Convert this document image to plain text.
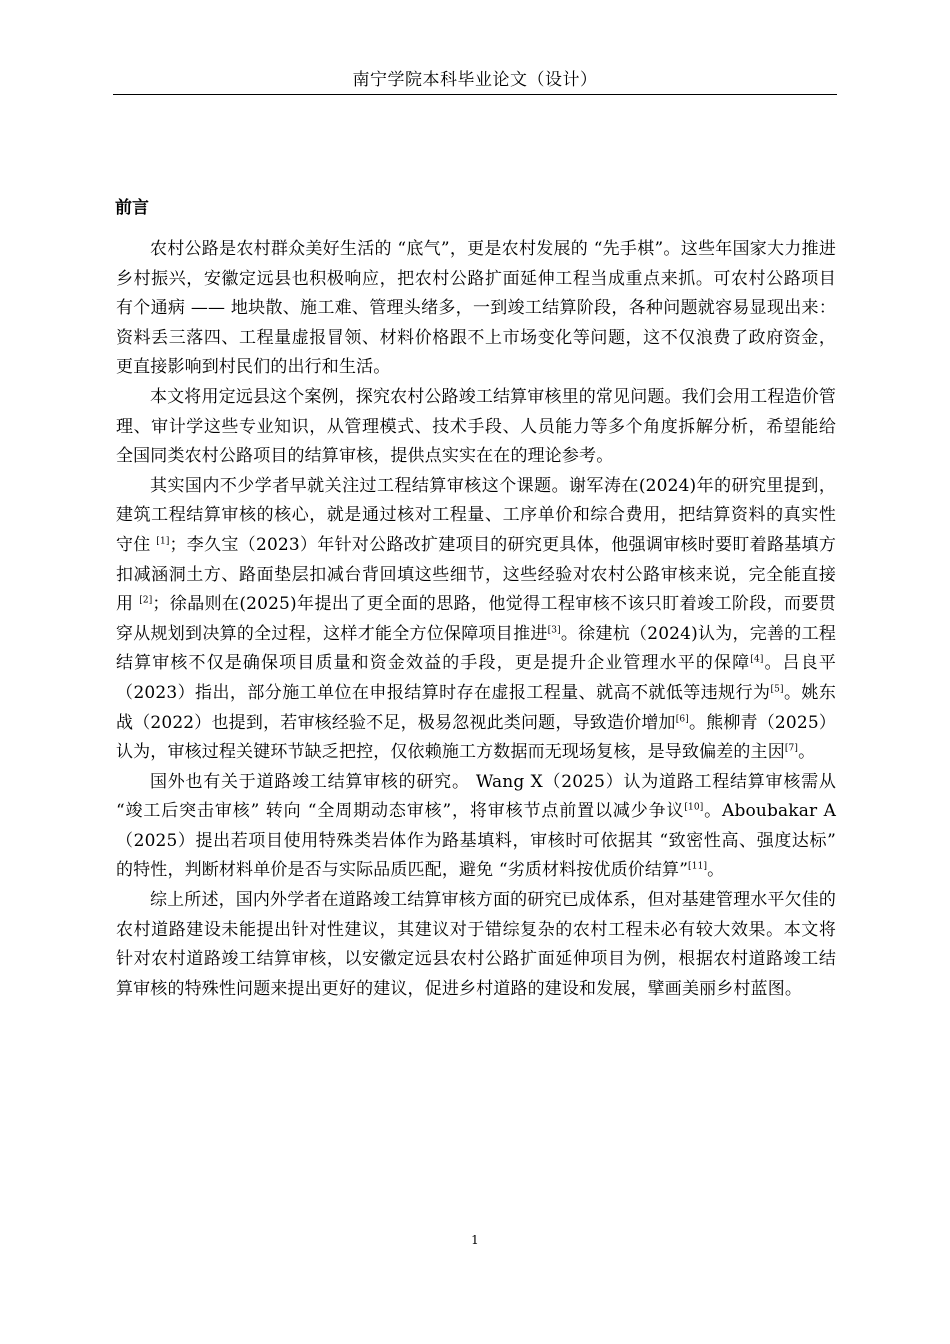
南宁学院本科毕业论文（设计）
前言

农村公路是农村群众美好生活的 “底气”，更是农村发展的 “先手棋”。这些年国家大力推进乡村振兴，安徽定远县也积极响应，把农村公路扩面延伸工程当成重点来抓。可农村公路项目有个通病 —— 地块散、施工难、管理头绪多，一到竣工结算阶段，各种问题就容易显现出来：资料丢三落四、工程量虚报冒领、材料价格跟不上市场变化等问题，这不仅浪费了政府资金，更直接影响到村民们的出行和生活。

本文将用定远县这个案例，探究农村公路竣工结算审核里的常见问题。我们会用工程造价管理、审计学这些专业知识，从管理模式、技术手段、人员能力等多个角度拆解分析，希望能给全国同类农村公路项目的结算审核，提供点实实在在的理论参考。

其实国内不少学者早就关注过工程结算审核这个课题。谢军涛在(2024)年的研究里提到，建筑工程结算审核的核心，就是通过核对工程量、工序单价和综合费用，把结算资料的真实性守住 [1]；李久宝（2023）年针对公路改扩建项目的研究更具体，他强调审核时要盯着路基填方扣减涵洞土方、路面垫层扣减台背回填这些细节，这些经验对农村公路审核来说，完全能直接用 [2]；徐晶则在(2025)年提出了更全面的思路，他觉得工程审核不该只盯着竣工阶段，而要贯穿从规划到决算的全过程，这样才能全方位保障项目推进[3]。徐建杭（2024)认为，完善的工程结算审核不仅是确保项目质量和资金效益的手段，更是提升企业管理水平的保障[4]。吕良平（2023）指出，部分施工单位在申报结算时存在虚报工程量、就高不就低等违规行为[5]。姚东战（2022）也提到，若审核经验不足，极易忽视此类问题，导致造价增加[6]。熊柳青（2025）认为，审核过程关键环节缺乏把控，仅依赖施工方数据而无现场复核，是导致偏差的主因[7]。

国外也有关于道路竣工结算审核的研究。 Wang X（2025）认为道路工程结算审核需从 “竣工后突击审核” 转向 “全周期动态审核”，将审核节点前置以减少争议[10]。Aboubakar A（2025）提出若项目使用特殊类岩体作为路基填料，审核时可依据其 “致密性高、强度达标” 的特性，判断材料单价是否与实际品质匹配，避免 “劣质材料按优质价结算”[11]。

综上所述，国内外学者在道路竣工结算审核方面的研究已成体系，但对基建管理水平欠佳的农村道路建设未能提出针对性建议，其建议对于错综复杂的农村工程未必有较大效果。本文将针对农村道路竣工结算审核，以安徽定远县农村公路扩面延伸项目为例，根据农村道路竣工结算审核的特殊性问题来提出更好的建议，促进乡村道路的建设和发展，擘画美丽乡村蓝图。

1
